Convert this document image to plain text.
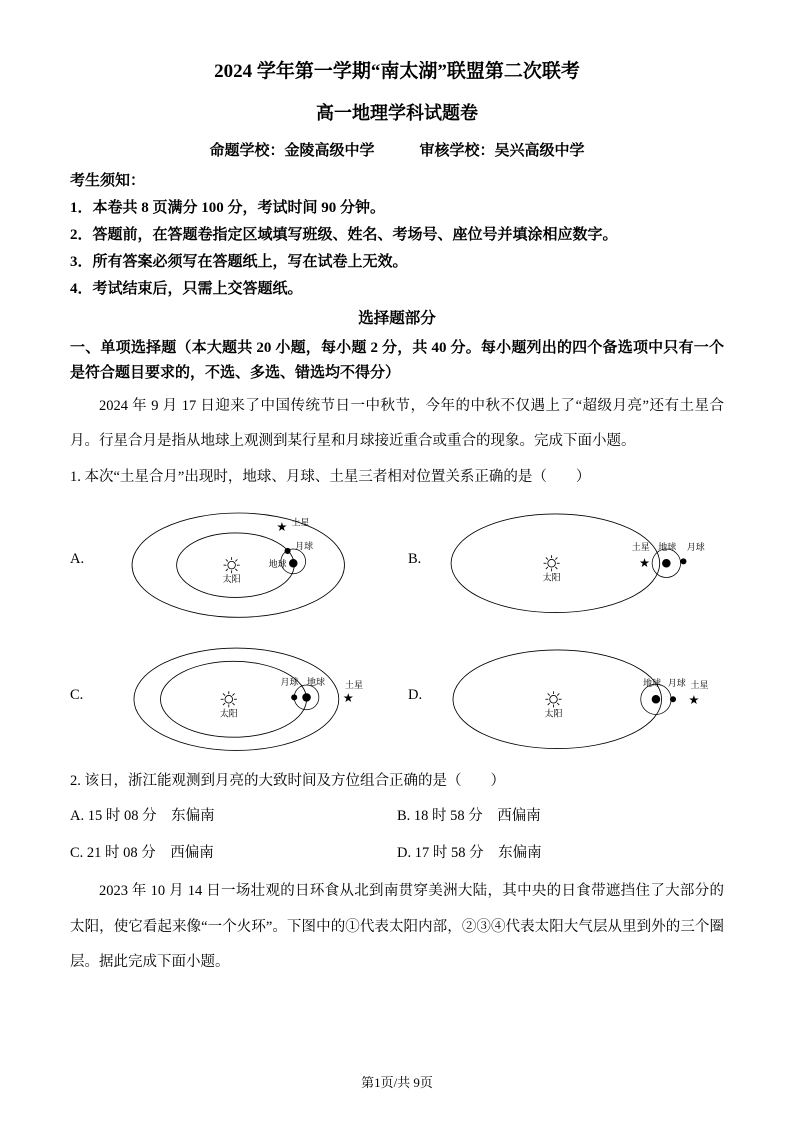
2024 学年第一学期“南太湖”联盟第二次联考
高一地理学科试题卷
命题学校：金陵高级中学　　　审核学校：吴兴高级中学
考生须知：
1．本卷共 8 页满分 100 分，考试时间 90 分钟。
2．答题前，在答题卷指定区域填写班级、姓名、考场号、座位号并填涂相应数字。
3．所有答案必须写在答题纸上，写在试卷上无效。
4．考试结束后，只需上交答题纸。
选择题部分
一、单项选择题（本大题共 20 小题，每小题 2 分，共 40 分。每小题列出的四个备选项中只有一个是符合题目要求的，不选、多选、错选均不得分）

2024 年 9 月 17 日迎来了中国传统节日一中秋节，今年的中秋不仅遇上了“超级月亮”还有土星合月。行星合月是指从地球上观测到某行星和月球接近重合或重合的现象。完成下面小题。

1. 本次“土星合月”出现时，地球、月球、土星三者相对位置关系正确的是（　　）
A.
太阳
地球
月球
★ 土星
B.
太阳
★
土星 地球 月球
C.
太阳
月球 地球
★
土星
D.
太阳
地球 月球
★
土星
2. 该日，浙江能观测到月亮的大致时间及方位组合正确的是（　　）
A. 15 时 08 分　东偏南	B. 18 时 58 分　西偏南
C. 21 时 08 分　西偏南	D. 17 时 58 分　东偏南

2023 年 10 月 14 日一场壮观的日环食从北到南贯穿美洲大陆，其中央的日食带遮挡住了大部分的太阳，使它看起来像“一个火环”。下图中的①代表太阳内部，②③④代表太阳大气层从里到外的三个圈层。据此完成下面小题。

第1页/共 9页
